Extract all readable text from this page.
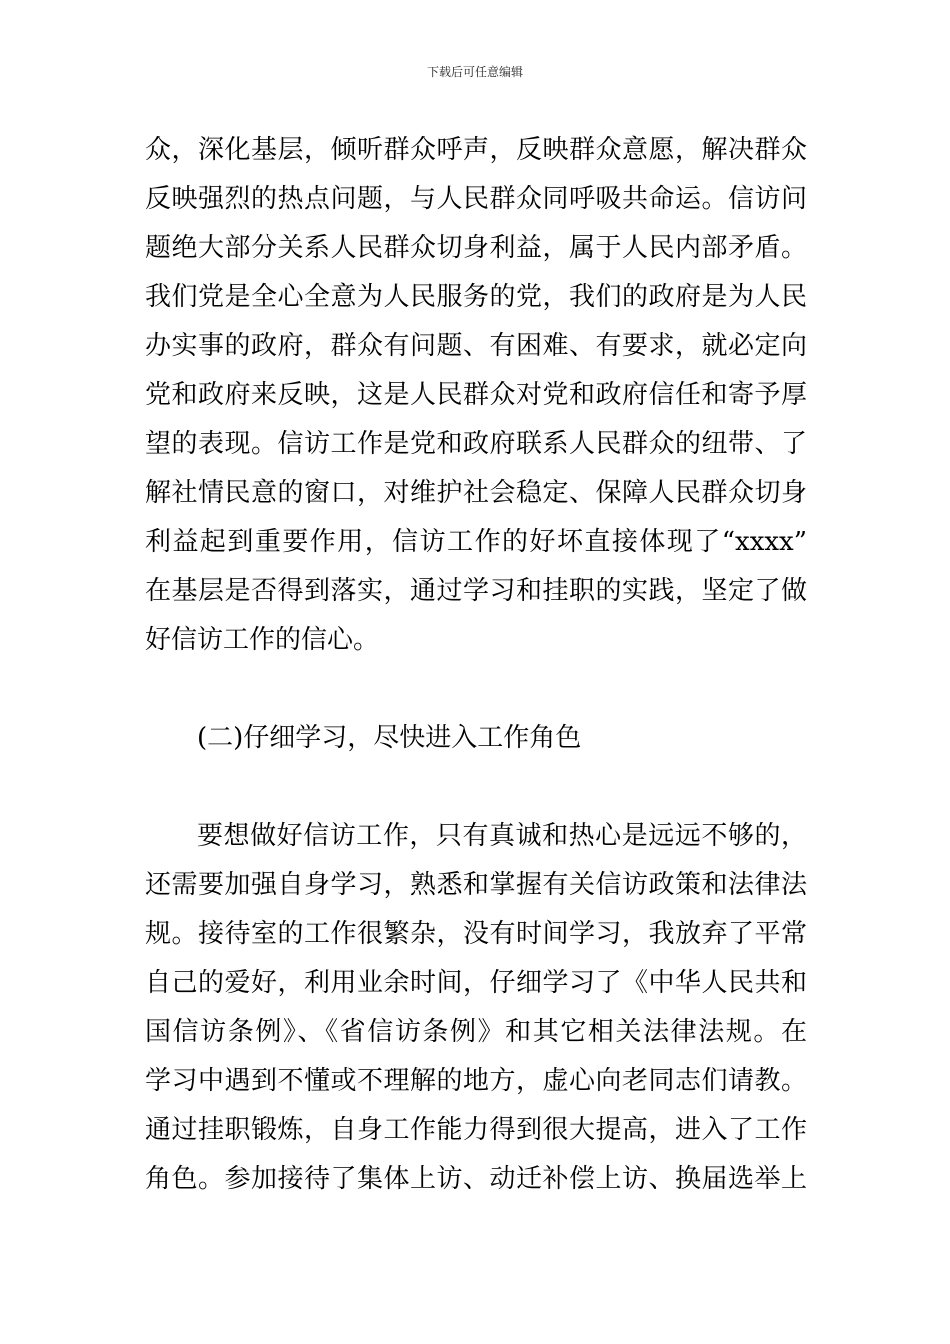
下载后可任意编辑
众，深化基层，倾听群众呼声，反映群众意愿，解决群众
反映强烈的热点问题，与人民群众同呼吸共命运。信访问
题绝大部分关系人民群众切身利益，属于人民内部矛盾。
我们党是全心全意为人民服务的党，我们的政府是为人民
办实事的政府，群众有问题、有困难、有要求，就必定向
党和政府来反映，这是人民群众对党和政府信任和寄予厚
望的表现。信访工作是党和政府联系人民群众的纽带、了
解社情民意的窗口，对维护社会稳定、保障人民群众切身
利益起到重要作用，信访工作的好坏直接体现了“xxxx”
在基层是否得到落实，通过学习和挂职的实践，坚定了做
好信访工作的信心。
(二)仔细学习，尽快进入工作角色
要想做好信访工作，只有真诚和热心是远远不够的，
还需要加强自身学习，熟悉和掌握有关信访政策和法律法
规。接待室的工作很繁杂，没有时间学习，我放弃了平常
自己的爱好，利用业余时间，仔细学习了《中华人民共和
国信访条例》、《省信访条例》和其它相关法律法规。在
学习中遇到不懂或不理解的地方，虚心向老同志们请教。
通过挂职锻炼，自身工作能力得到很大提高，进入了工作
角色。参加接待了集体上访、动迁补偿上访、换届选举上
